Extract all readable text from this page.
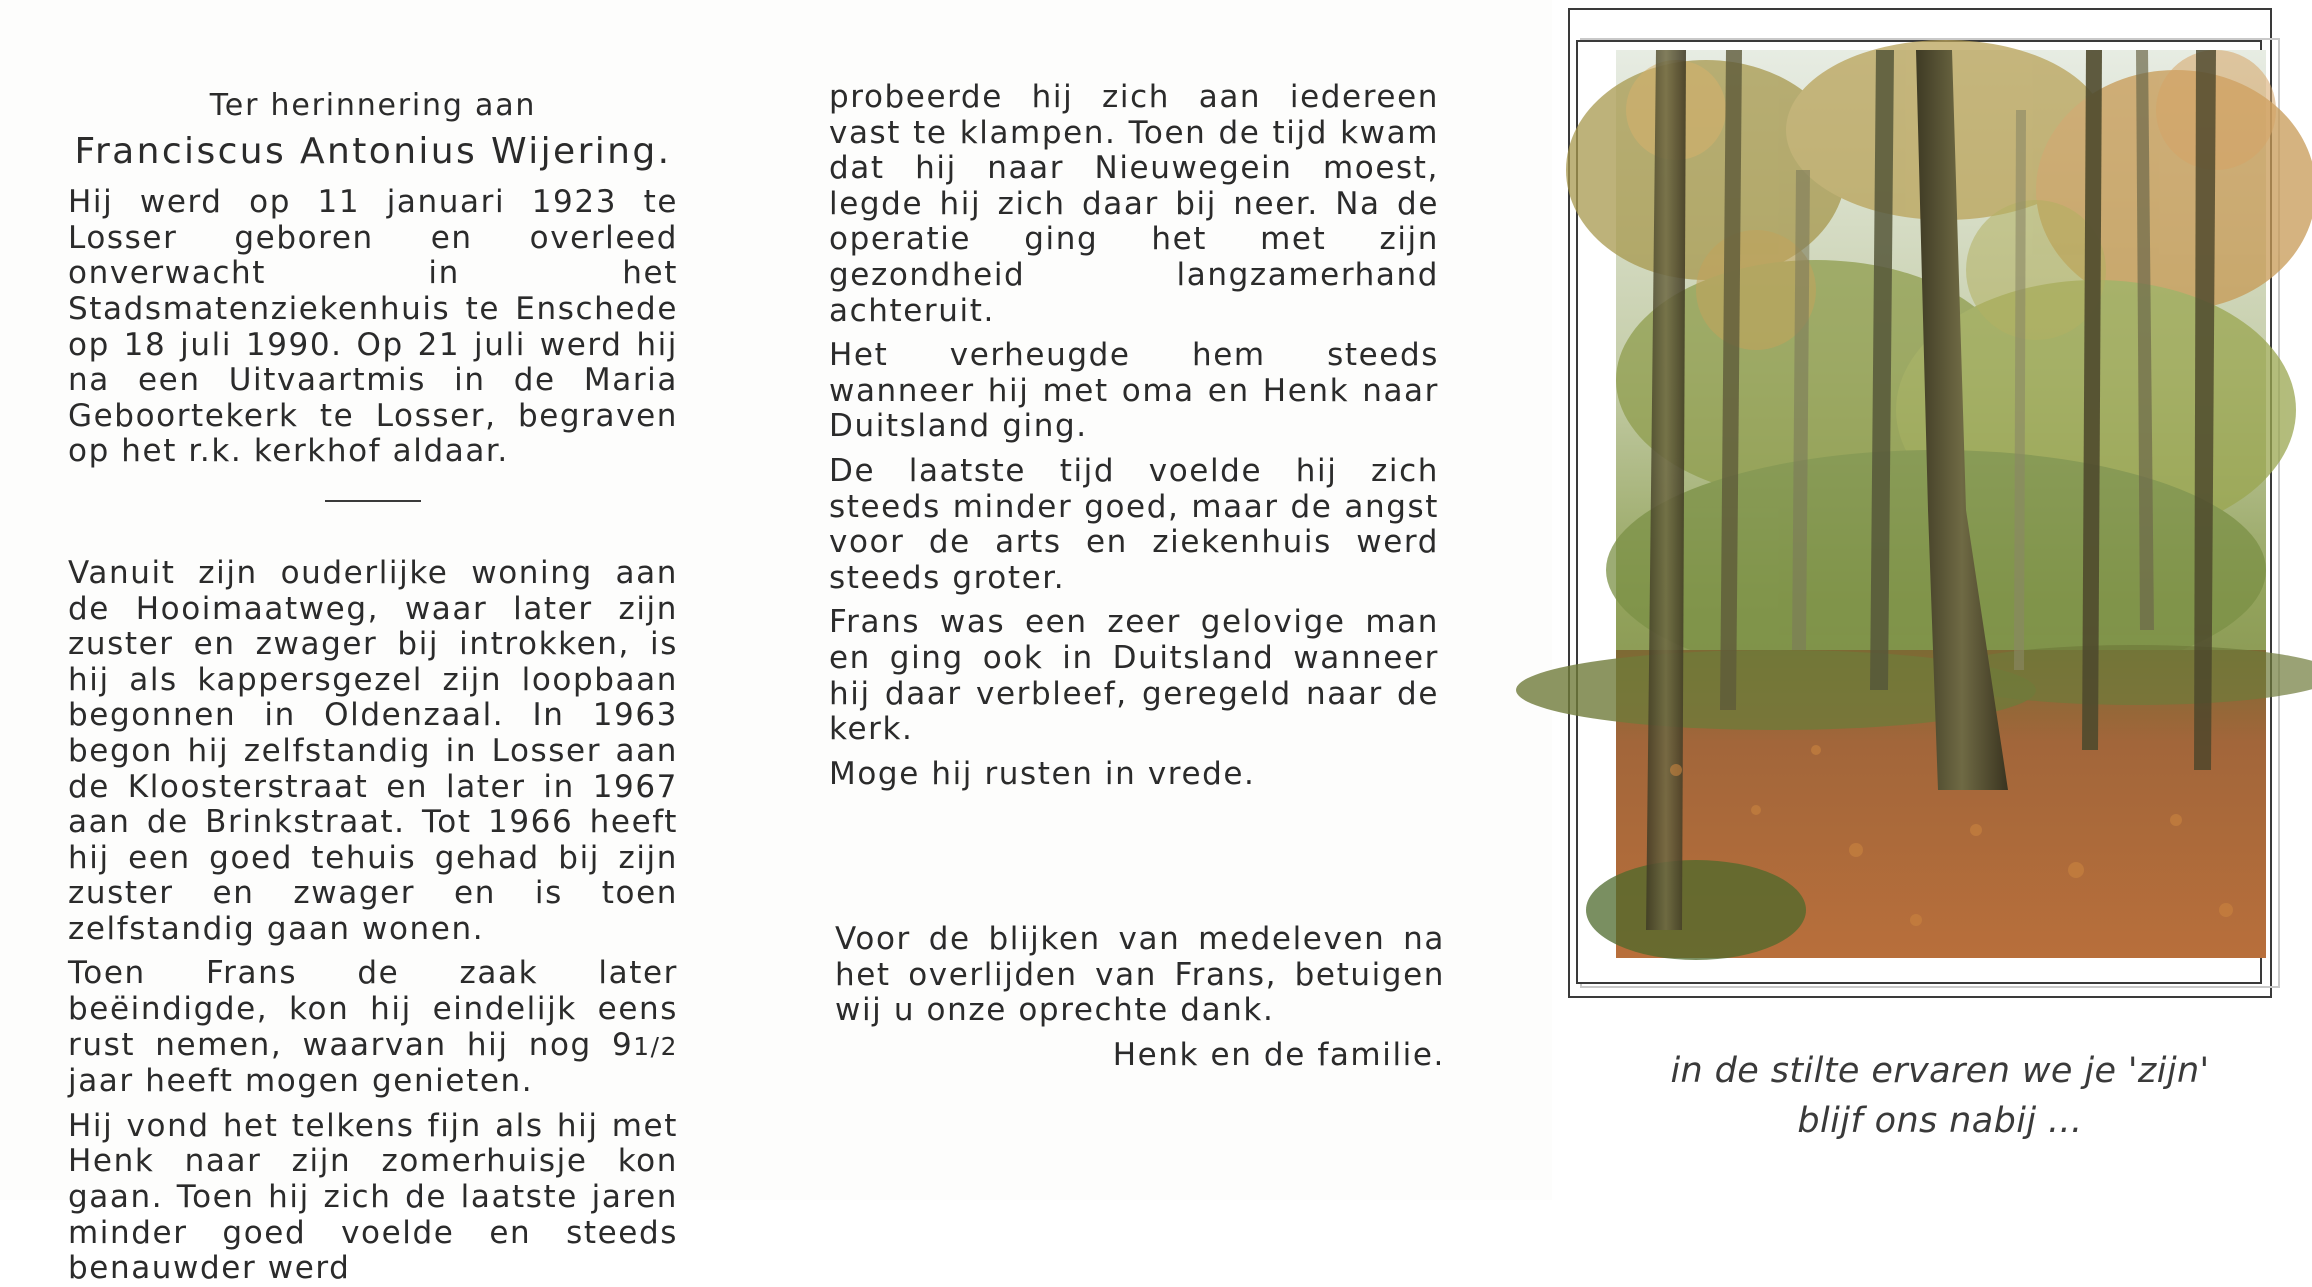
Ter herinnering aan

Franciscus Antonius Wijering.

Hij werd op 11 januari 1923 te Losser geboren en overleed onverwacht in het Stadsmatenziekenhuis te Enschede op 18 juli 1990. Op 21 juli werd hij na een Uitvaartmis in de Maria Geboortekerk te Losser, begraven op het r.k. kerkhof aldaar.

Vanuit zijn ouderlijke woning aan de Hooimaatweg, waar later zijn zuster en zwager bij introkken, is hij als kappersgezel zijn loopbaan begonnen in Oldenzaal. In 1963 begon hij zelfstandig in Losser aan de Kloosterstraat en later in 1967 aan de Brinkstraat. Tot 1966 heeft hij een goed tehuis gehad bij zijn zuster en zwager en is toen zelfstandig gaan wonen.

Toen Frans de zaak later beëindigde, kon hij eindelijk eens rust nemen, waarvan hij nog 91/2 jaar heeft mogen genieten.

Hij vond het telkens fijn als hij met Henk naar zijn zomerhuisje kon gaan. Toen hij zich de laatste jaren minder goed voelde en steeds benauwder werd

probeerde hij zich aan iedereen vast te klampen. Toen de tijd kwam dat hij naar Nieuwegein moest, legde hij zich daar bij neer. Na de operatie ging het met zijn gezondheid langzamerhand achteruit.

Het verheugde hem steeds wanneer hij met oma en Henk naar Duitsland ging.

De laatste tijd voelde hij zich steeds minder goed, maar de angst voor de arts en ziekenhuis werd steeds groter.

Frans was een zeer gelovige man en ging ook in Duitsland wanneer hij daar verbleef, geregeld naar de kerk.

Moge hij rusten in vrede.

Voor de blijken van medeleven na het overlijden van Frans, betuigen wij u onze oprechte dank.

Henk en de familie.	in de stilte ervaren we je 'zijn'
blijf ons nabij ...
